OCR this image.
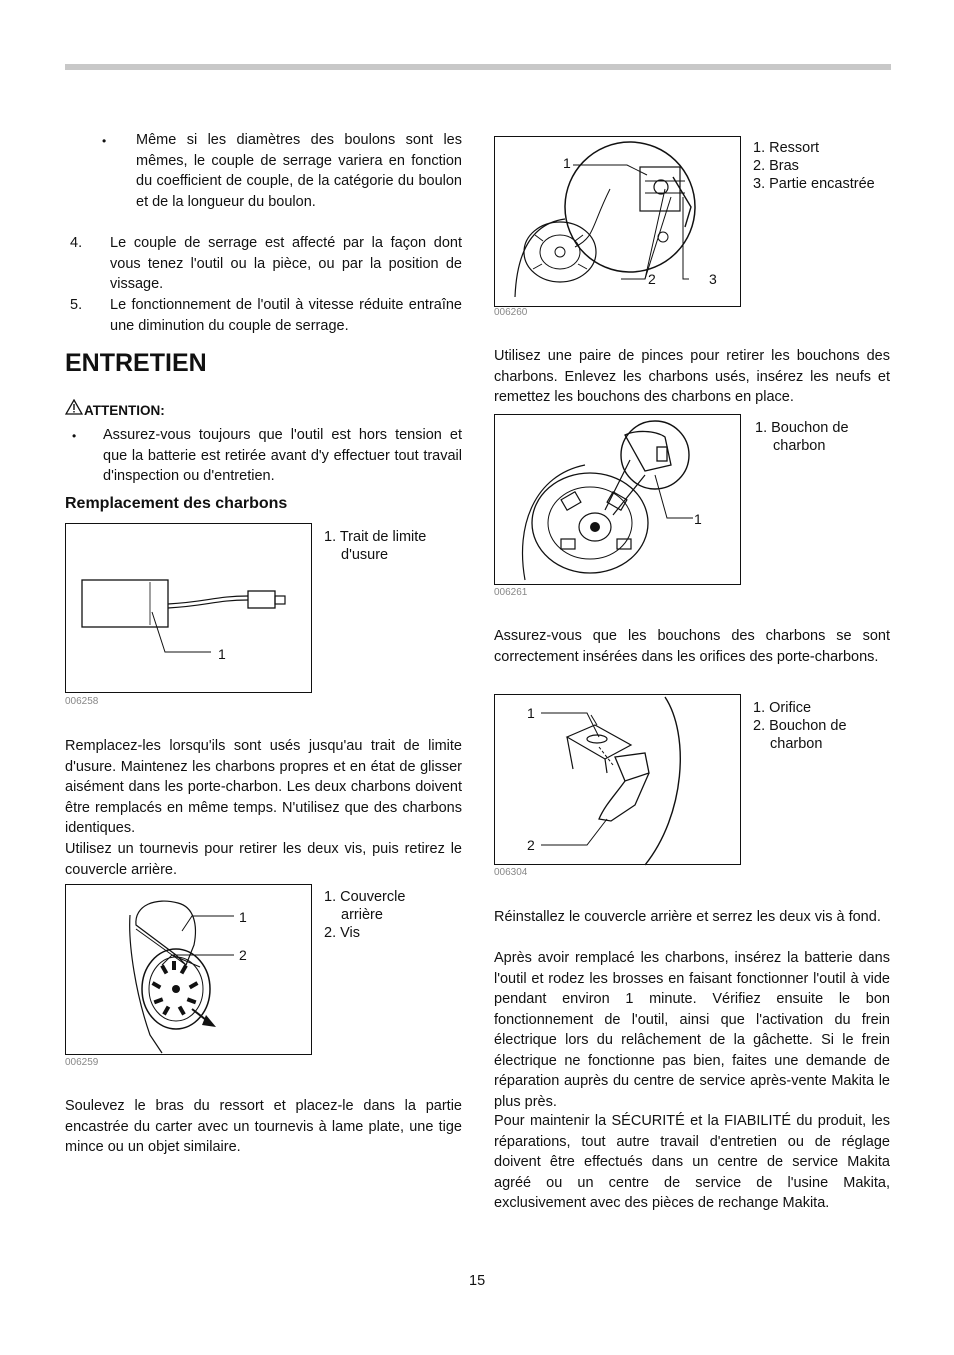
• Même si les diamètres des boulons sont les mêmes, le couple de serrage variera en fonction du coefficient de couple, de la catégorie du boulon et de la longueur du boulon.
4. Le couple de serrage est affecté par la façon dont vous tenez l'outil ou la pièce, ou par la position de vissage.
5. Le fonctionnement de l'outil à vitesse réduite entraîne une diminution du couple de serrage.
ENTRETIEN
ATTENTION:
• Assurez-vous toujours que l'outil est hors tension et que la batterie est retirée avant d'y effectuer tout travail d'inspection ou d'entretien.
Remplacement des charbons
1
1. Trait de limite
d'usure
006258
Remplacez-les lorsqu'ils sont usés jusqu'au trait de limite d'usure. Maintenez les charbons propres et en état de glisser aisément dans les porte-charbon. Les deux charbons doivent être remplacés en même temps. N'utilisez que des charbons identiques.
Utilisez un tournevis pour retirer les deux vis, puis retirez le couvercle arrière.
1
2
1. Couvercle
arrière
2. Vis
006259
Soulevez le bras du ressort et placez-le dans la partie encastrée du carter avec un tournevis à lame plate, une tige mince ou un objet similaire.
1
2	3
1. Ressort
2. Bras
3. Partie encastrée
006260
Utilisez une paire de pinces pour retirer les bouchons des charbons. Enlevez les charbons usés, insérez les neufs et remettez les bouchons des charbons en place.
1
1. Bouchon de
charbon
006261
Assurez-vous que les bouchons des charbons se sont correctement insérées dans les orifices des porte-charbons.
1
2
1. Orifice
2. Bouchon de
charbon
006304
Réinstallez le couvercle arrière et serrez les deux vis à fond.
Après avoir remplacé les charbons, insérez la batterie dans l'outil et rodez les brosses en faisant fonctionner l'outil à vide pendant environ 1 minute. Vérifiez ensuite le bon fonctionnement de l'outil, ainsi que l'activation du frein électrique lors du relâchement de la gâchette. Si le frein électrique ne fonctionne pas bien, faites une demande de réparation auprès du centre de service après-vente Makita le plus près.
Pour maintenir la SÉCURITÉ et la FIABILITÉ du produit, les réparations, tout autre travail d'entretien ou de réglage doivent être effectués dans un centre de service Makita agréé ou un centre de service de l'usine Makita, exclusivement avec des pièces de rechange Makita.
15
